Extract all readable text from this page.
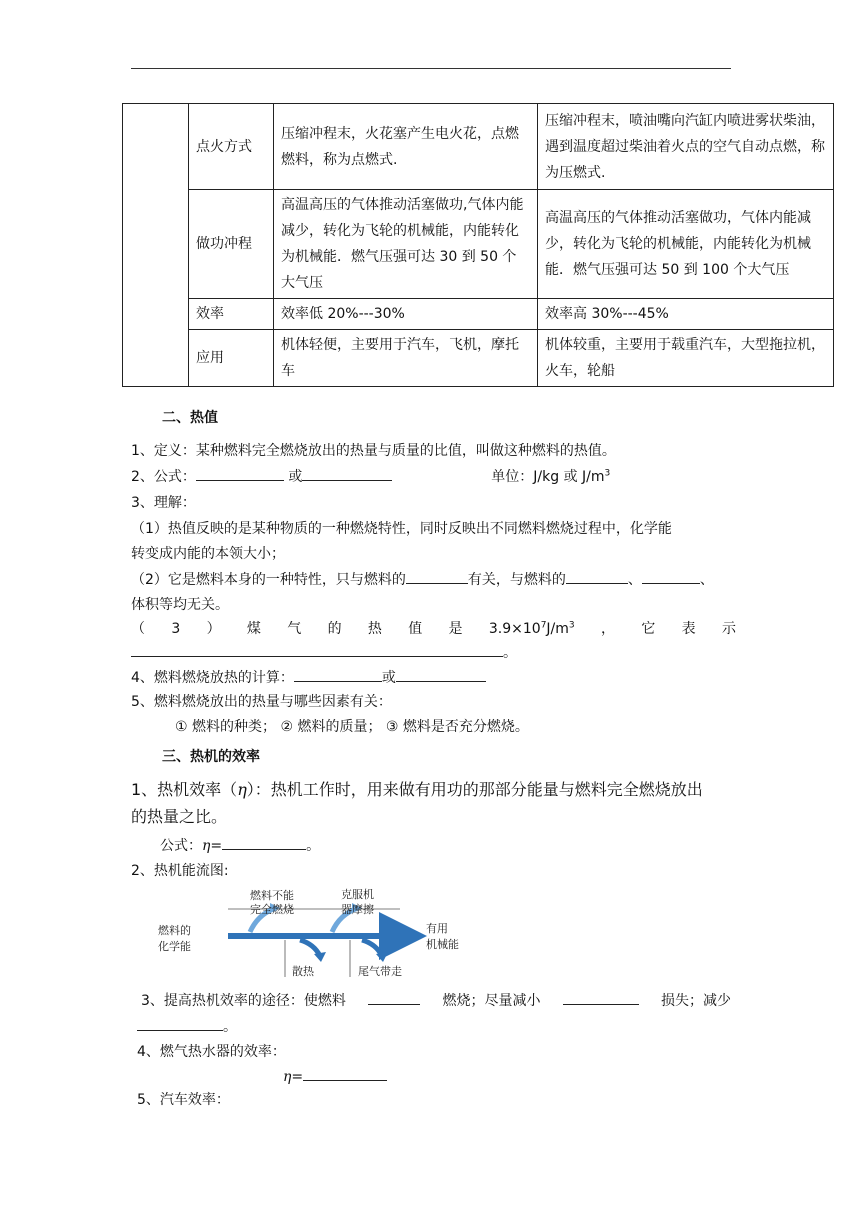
	点火方式	压缩冲程末，火花塞产生电火花，点燃燃料，称为点燃式.	压缩冲程末，喷油嘴向汽缸内喷进雾状柴油，遇到温度超过柴油着火点的空气自动点燃，称为压燃式.
	做功冲程	高温高压的气体推动活塞做功,气体内能减少，转化为飞轮的机械能，内能转化为机械能．燃气压强可达 30 到 50 个大气压	高温高压的气体推动活塞做功，气体内能减少，转化为飞轮的机械能，内能转化为机械能．燃气压强可达 50 到 100 个大气压
	效率	效率低 20%---30%	效率高 30%---45%
	应用	机体轻便，主要用于汽车，飞机，摩托车	机体较重，主要用于载重汽车，大型拖拉机，火车，轮船
二、热值
1、定义：某种燃料完全燃烧放出的热量与质量的比值，叫做这种燃料的热值。
2、公式：	或	单位：J/kg 或 $J/m^3$
3、理解：
（1）热值反映的是某种物质的一种燃烧特性，同时反映出不同燃料燃烧过程中，化学能
转变成内能的本领大小；
（2）它是燃料本身的一种特性，只与燃料的	有关，与燃料的	、	、
体积等均无关。
（ 3 ） 煤 气 的 热 值 是 $3.9\times 10^7J/m^3$ ， 它 表 示
。
4、燃料燃烧放热的计算：	或
5、燃料燃烧放出的热量与哪些因素有关：
① 燃料的种类； ② 燃料的质量； ③ 燃料是否充分燃烧。
三、热机的效率
1、热机效率（η）：热机工作时，用来做有用功的那部分能量与燃料完全燃烧放出
的热量之比。
公式：η=	。
2、热机能流图:
燃料的
化学能
燃料不能
完全燃烧
克服机
器摩擦
散热	尾气带走
有用
机械能
3、提高热机效率的途径：使燃料	燃烧；尽量减小	损失；减少
。
4、燃气热水器的效率：
η=
5、汽车效率：
